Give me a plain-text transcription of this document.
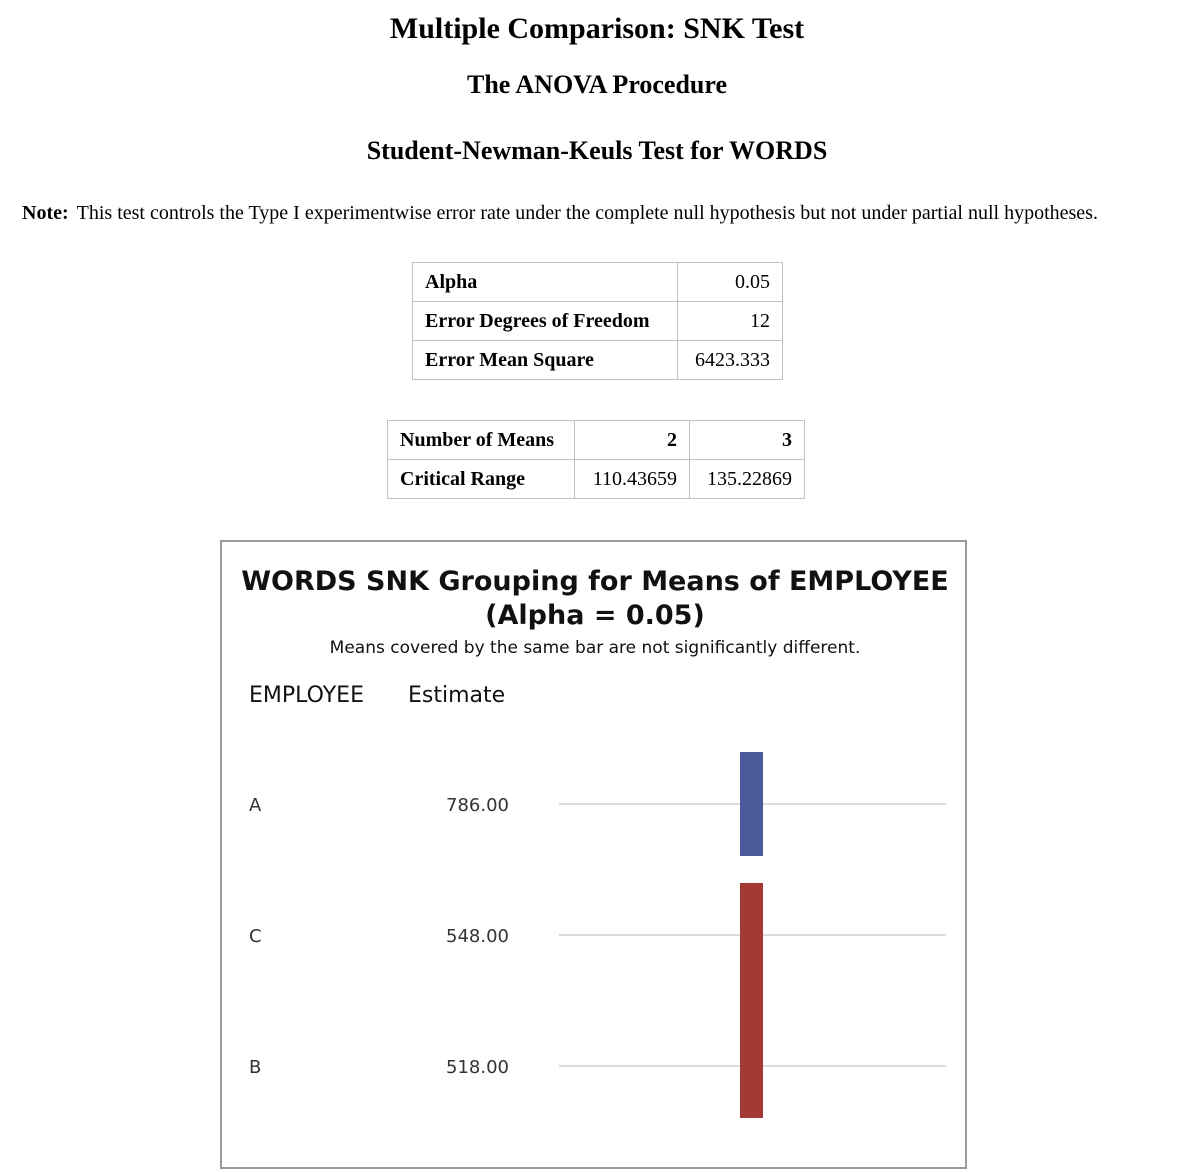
Multiple Comparison: SNK Test
The ANOVA Procedure
Student-Newman-Keuls Test for WORDS
Note: This test controls the Type I experimentwise error rate under the complete null hypothesis but not under partial null hypotheses.
Alpha	0.05
Error Degrees of Freedom	12
Error Mean Square	6423.333
Number of Means	2	3
Critical Range	110.43659	135.22869
WORDS SNK Grouping for Means of EMPLOYEE
(Alpha = 0.05)
Means covered by the same bar are not significantly different.
EMPLOYEE Estimate
A	786.00
C	548.00
B	518.00
